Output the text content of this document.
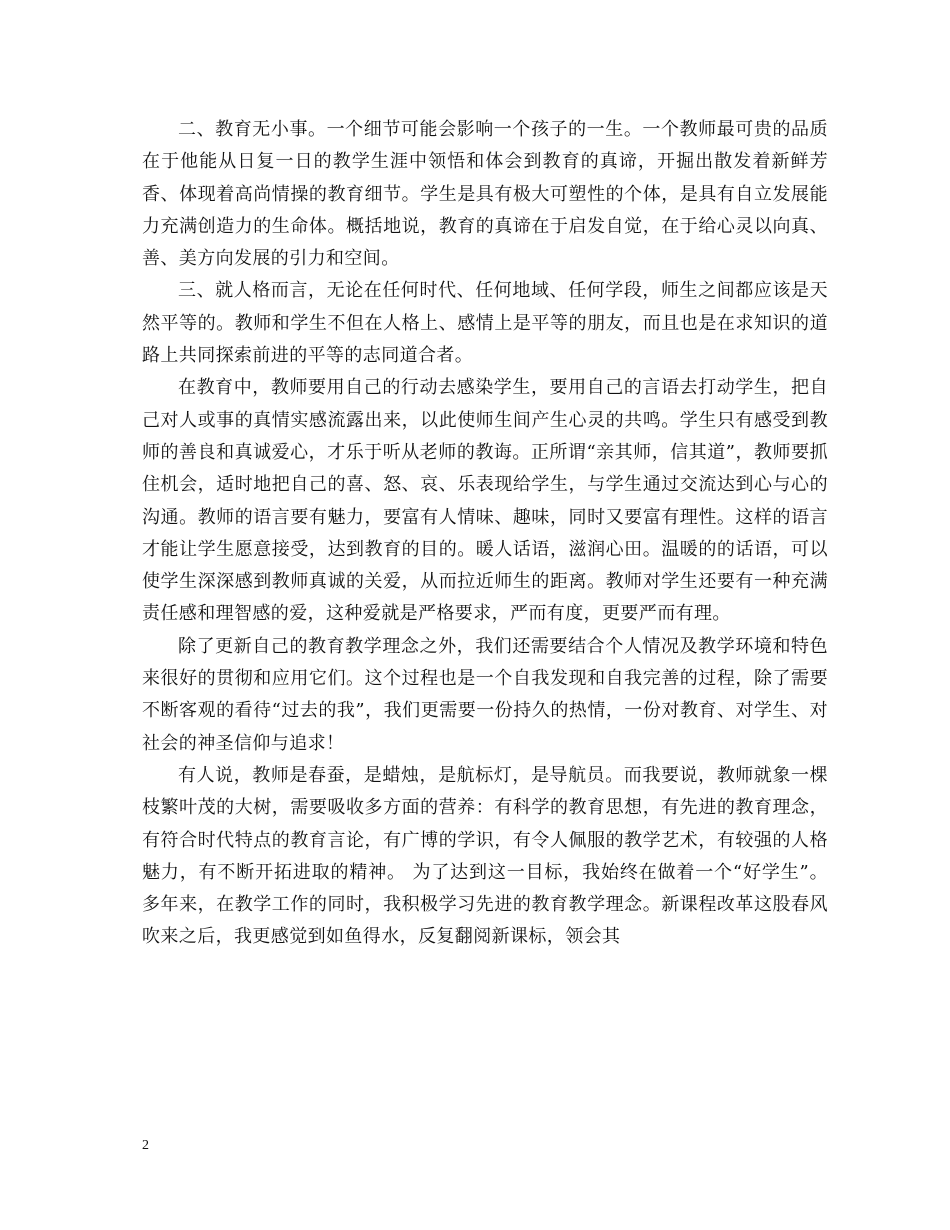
二、教育无小事。一个细节可能会影响一个孩子的一生。一个教师最可贵的品质在于他能从日复一日的教学生涯中领悟和体会到教育的真谛，开掘出散发着新鲜芳香、体现着高尚情操的教育细节。学生是具有极大可塑性的个体，是具有自立发展能力充满创造力的生命体。概括地说，教育的真谛在于启发自觉，在于给心灵以向真、善、美方向发展的引力和空间。

三、就人格而言，无论在任何时代、任何地域、任何学段，师生之间都应该是天然平等的。教师和学生不但在人格上、感情上是平等的朋友，而且也是在求知识的道路上共同探索前进的平等的志同道合者。

在教育中，教师要用自己的行动去感染学生，要用自己的言语去打动学生，把自己对人或事的真情实感流露出来，以此使师生间产生心灵的共鸣。学生只有感受到教师的善良和真诚爱心，才乐于听从老师的教诲。正所谓“亲其师，信其道”，教师要抓住机会，适时地把自己的喜、怒、哀、乐表现给学生，与学生通过交流达到心与心的沟通。教师的语言要有魅力，要富有人情味、趣味，同时又要富有理性。这样的语言才能让学生愿意接受，达到教育的目的。暖人话语，滋润心田。温暖的的话语，可以使学生深深感到教师真诚的关爱，从而拉近师生的距离。教师对学生还要有一种充满责任感和理智感的爱，这种爱就是严格要求，严而有度，更要严而有理。

除了更新自己的教育教学理念之外，我们还需要结合个人情况及教学环境和特色来很好的贯彻和应用它们。这个过程也是一个自我发现和自我完善的过程，除了需要不断客观的看待“过去的我”，我们更需要一份持久的热情，一份对教育、对学生、对社会的神圣信仰与追求！

有人说，教师是春蚕，是蜡烛，是航标灯，是导航员。而我要说，教师就象一棵枝繁叶茂的大树，需要吸收多方面的营养：有科学的教育思想，有先进的教育理念，有符合时代特点的教育言论，有广博的学识，有令人佩服的教学艺术，有较强的人格魅力，有不断开拓进取的精神。 为了达到这一目标，我始终在做着一个“好学生”。多年来，在教学工作的同时，我积极学习先进的教育教学理念。新课程改革这股春风吹来之后，我更感觉到如鱼得水，反复翻阅新课标，领会其

2
